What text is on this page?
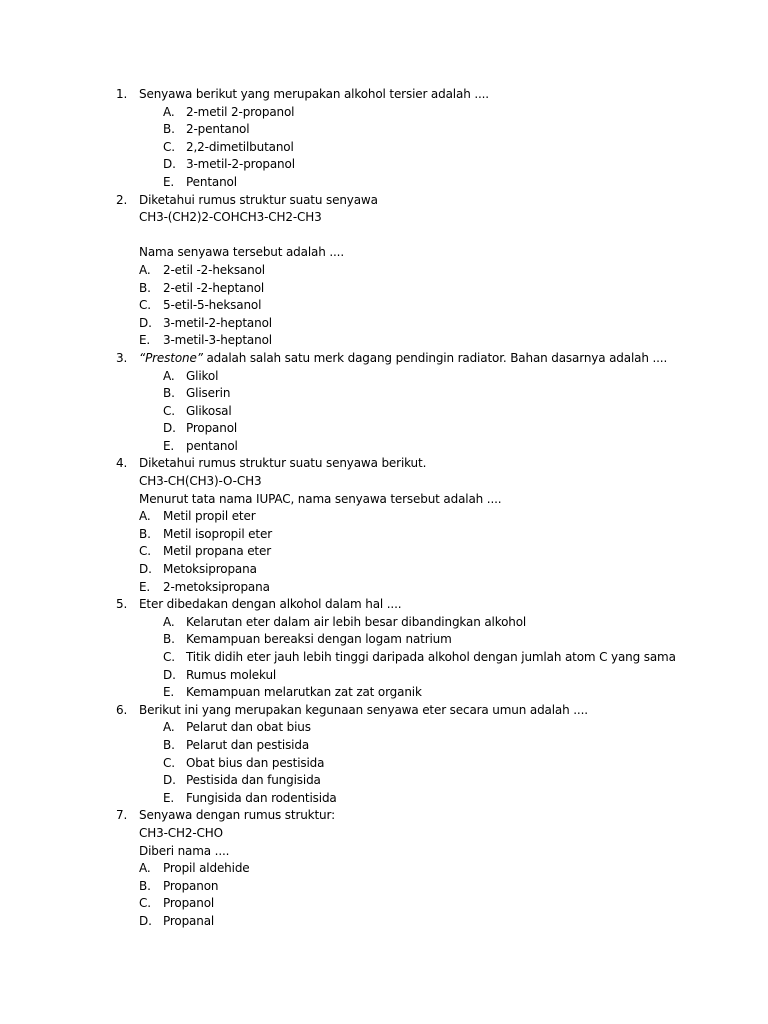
1. Senyawa berikut yang merupakan alkohol tersier adalah ....
A. 2-metil 2-propanol
B. 2-pentanol
C. 2,2-dimetilbutanol
D. 3-metil-2-propanol
E. Pentanol
2. Diketahui rumus struktur suatu senyawa
CH3-(CH2)2-COHCH3-CH2-CH3
Nama senyawa tersebut adalah ....
A. 2-etil -2-heksanol
B. 2-etil -2-heptanol
C. 5-etil-5-heksanol
D. 3-metil-2-heptanol
E. 3-metil-3-heptanol
3. “Prestone” adalah salah satu merk dagang pendingin radiator. Bahan dasarnya adalah ....
A. Glikol
B. Gliserin
C. Glikosal
D. Propanol
E. pentanol
4. Diketahui rumus struktur suatu senyawa berikut.
CH3-CH(CH3)-O-CH3
Menurut tata nama IUPAC, nama senyawa tersebut adalah ....
A. Metil propil eter
B. Metil isopropil eter
C. Metil propana eter
D. Metoksipropana
E. 2-metoksipropana
5. Eter dibedakan dengan alkohol dalam hal ....
A. Kelarutan eter dalam air lebih besar dibandingkan alkohol
B. Kemampuan bereaksi dengan logam natrium
C. Titik didih eter jauh lebih tinggi daripada alkohol dengan jumlah atom C yang sama
D. Rumus molekul
E. Kemampuan melarutkan zat zat organik
6. Berikut ini yang merupakan kegunaan senyawa eter secara umun adalah ....
A. Pelarut dan obat bius
B. Pelarut dan pestisida
C. Obat bius dan pestisida
D. Pestisida dan fungisida
E. Fungisida dan rodentisida
7. Senyawa dengan rumus struktur:
CH3-CH2-CHO
Diberi nama ....
A. Propil aldehide
B. Propanon
C. Propanol
D. Propanal
